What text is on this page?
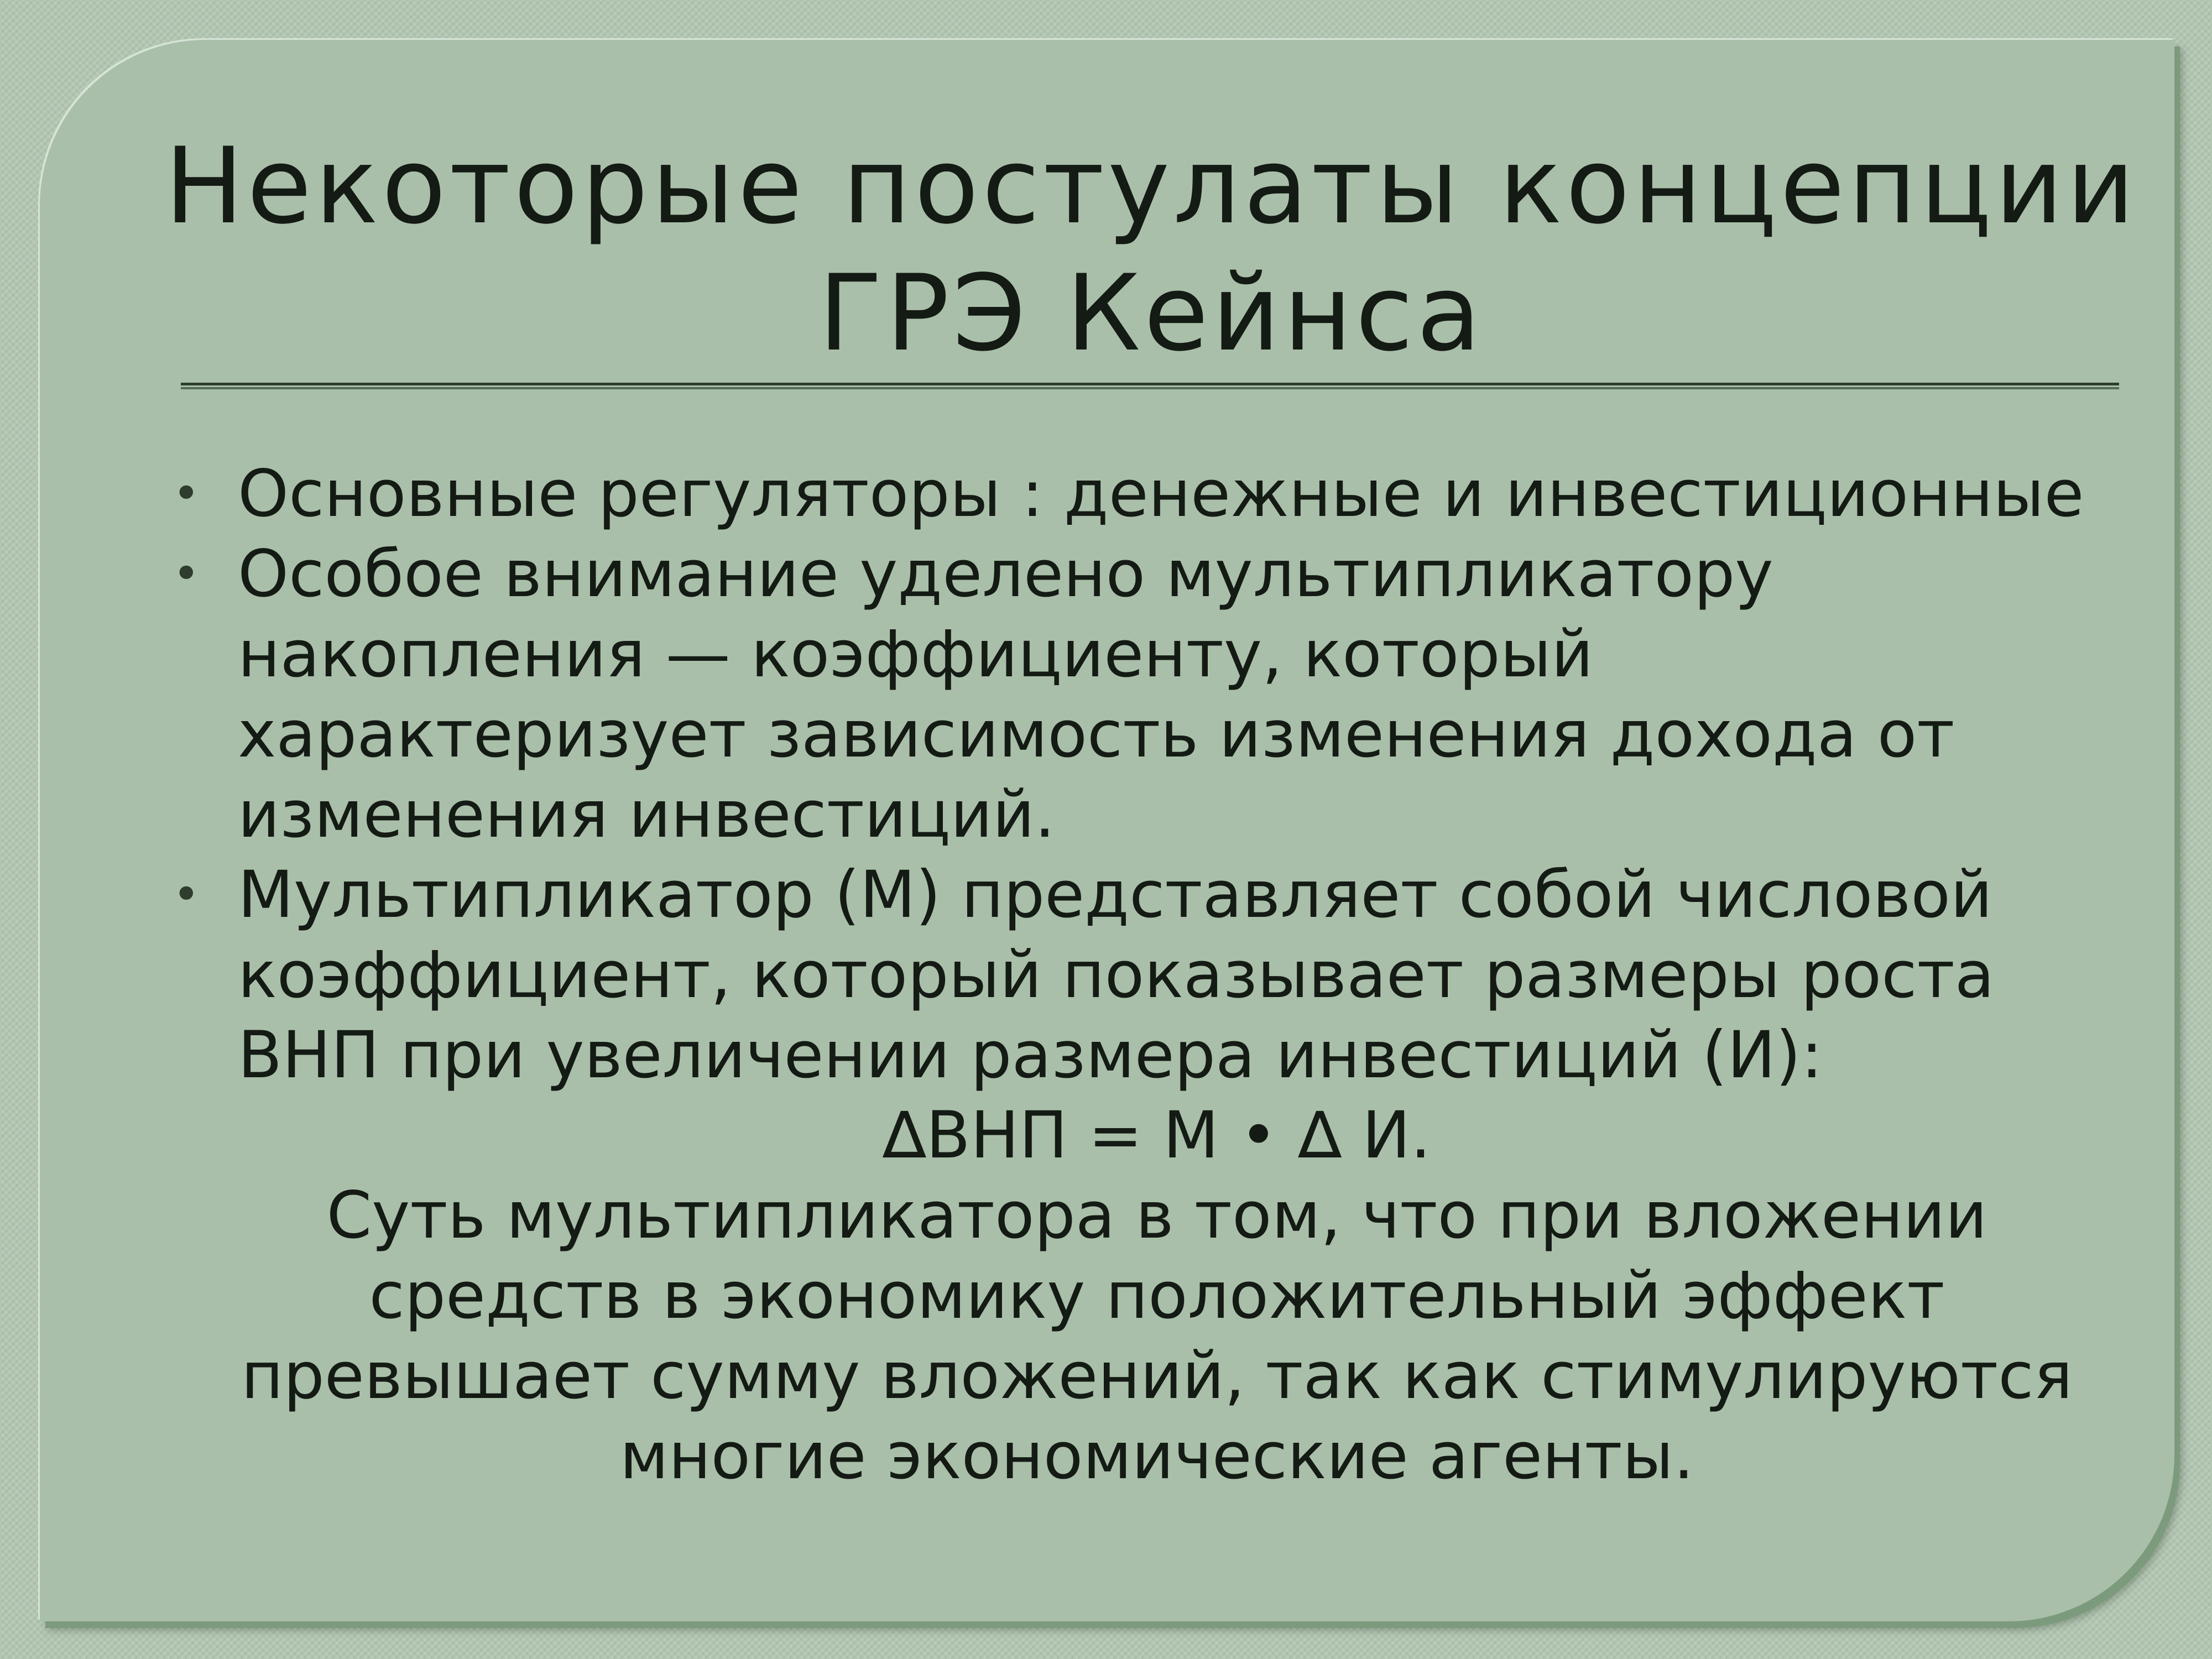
Некоторые постулаты концепции
ГРЭ Кейнса
• Основные регуляторы : денежные и инвестиционные
• Особое внимание уделено мультипликатору
накопления — коэффициенту, который
характеризует зависимость изменения дохода от
изменения инвестиций.
• Мультипликатор (М) представляет собой числовой
коэффициент, который показывает размеры роста
ВНП при увеличении размера инвестиций (И):
∆ВНП = М • ∆ И.
Суть мультипликатора в том, что при вложении
средств в экономику положительный эффект
превышает сумму вложений, так как стимулируются
многие экономические агенты.
